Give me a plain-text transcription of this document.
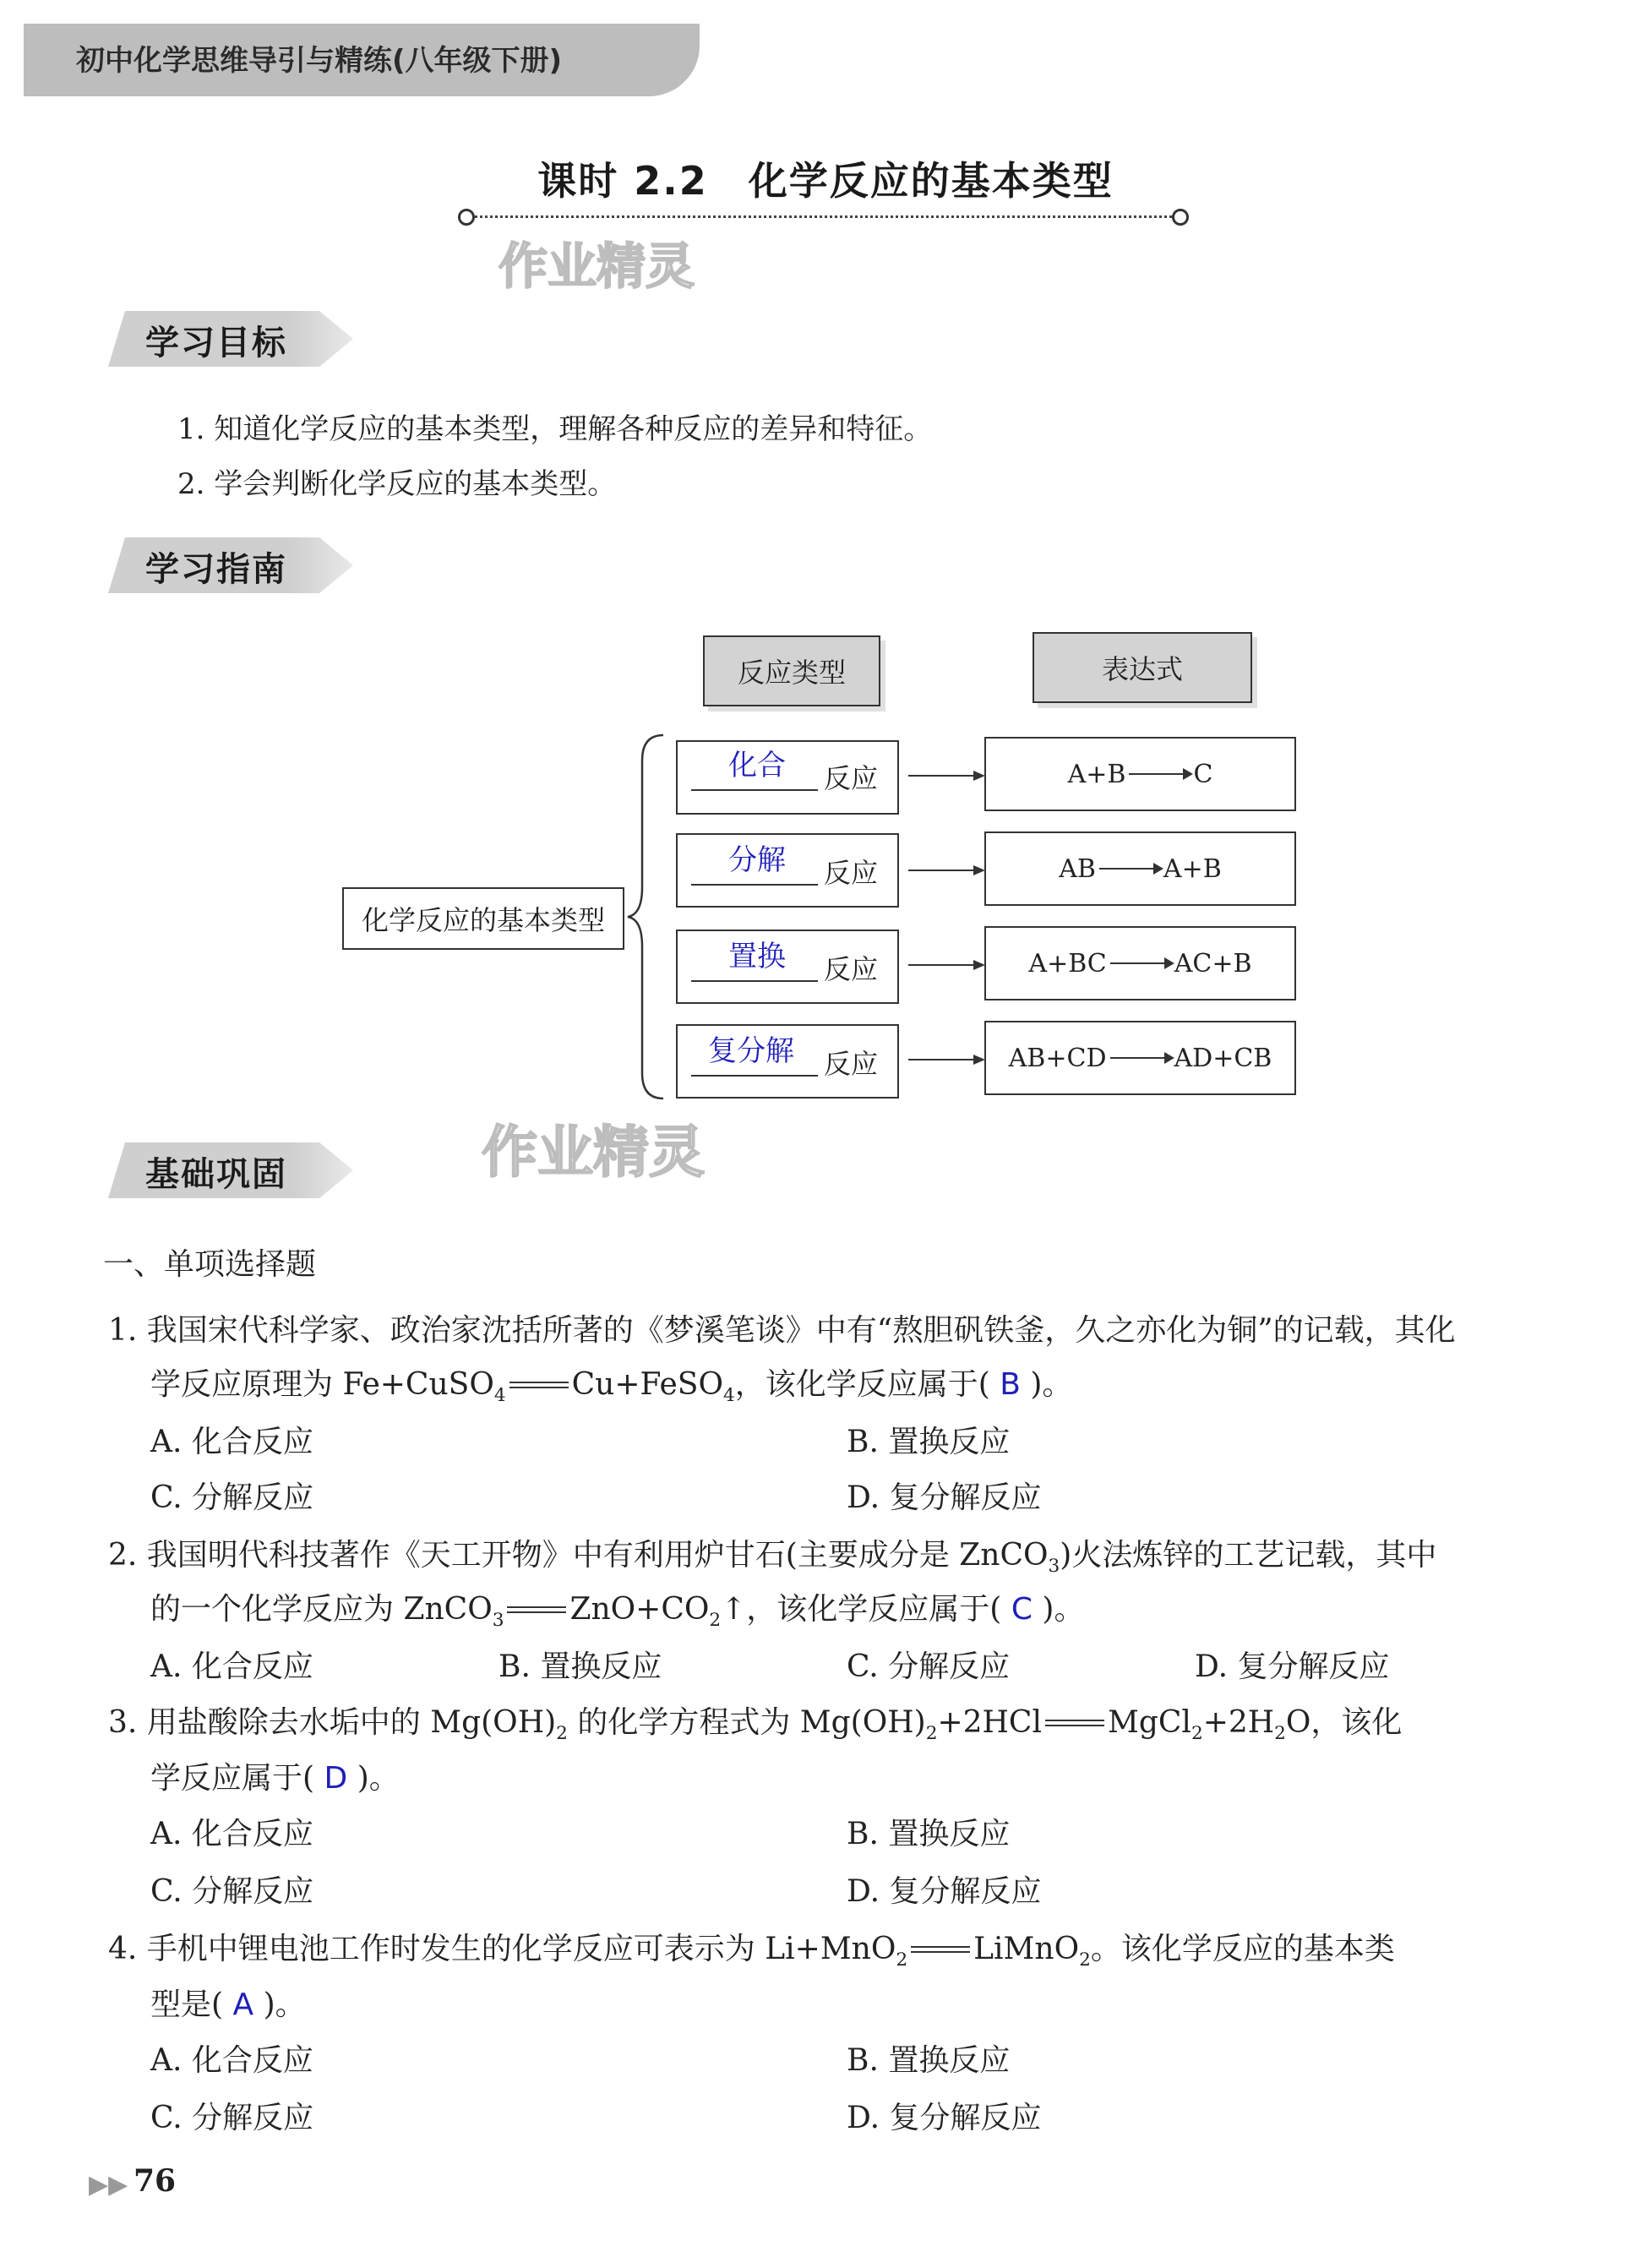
初中化学思维导引与精练(八年级下册)
课时 2.2　化学反应的基本类型
作业精灵
学习目标
1. 知道化学反应的基本类型，理解各种反应的差异和特征。
2. 学会判断化学反应的基本类型。
学习指南
反应类型	表达式
化学反应的基本类型
化合 反应	A+B	C
分解 反应	AB	A+B
置换 反应	A+BC	AC+B
复分解 反应	AB+CD	AD+CB
基础巩固	作业精灵
一、单项选择题
1. 我国宋代科学家、政治家沈括所著的《梦溪笔谈》中有“熬胆矾铁釜，久之亦化为铜”的记载，其化
学反应原理为 Fe+CuSO$_4$ Cu+FeSO$_4$，该化学反应属于( B )。
A. 化合反应	B. 置换反应
C. 分解反应	D. 复分解反应
2. 我国明代科技著作《天工开物》中有利用炉甘石(主要成分是 ZnCO$_3$)火法炼锌的工艺记载，其中
的一个化学反应为 ZnCO$_3$ $ZnO+CO_2↑$，该化学反应属于( C )。
A. 化合反应	B. 置换反应	C. 分解反应	D. 复分解反应
3. 用盐酸除去水垢中的 $Mg(OH)_2$ 的化学方程式为 $Mg(OH)_2+2HCl$ $MgCl_2+2H_2O$，该化
学反应属于( D )。
A. 化合反应	B. 置换反应
C. 分解反应	D. 复分解反应
4. 手机中锂电池工作时发生的化学反应可表示为 Li+MnO$_2$ LiMnO$_2$。该化学反应的基本类
型是( A )。
A. 化合反应	B. 置换反应
C. 分解反应	D. 复分解反应
▶▶ 76
